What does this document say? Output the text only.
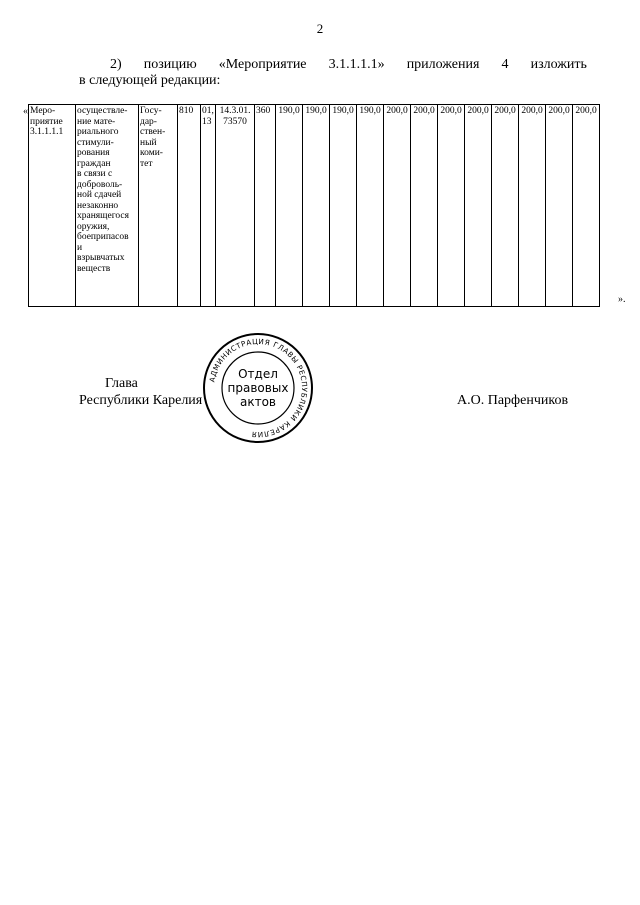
2
2) позицию «Мероприятие 3.1.1.1.1» приложения 4 изложить
в следующей редакции:
« Меро-
приятие
3.1.1.1.1

осуществле-
ние мате-
риального
стимули-
рования
граждан
в связи с
доброволь-
ной сдачей
незаконно
хранящегося
оружия,
боеприпасов
и
взрывчатых
веществ

Госу-
дар-
ствен-
ный
коми-
тет

810	01,
13

14.3.01.
73570

360	190,0	190,0	190,0	190,0	200,0	200,0	200,0	200,0	200,0	200,0	200,0	200,0
».
Глава
Республики Карелия	А.О. Парфенчиков
АДМИНИСТРАЦИЯ ГЛАВЫ РЕСПУБЛИКИ КАРЕЛИЯ
Отдел
правовых
актов
